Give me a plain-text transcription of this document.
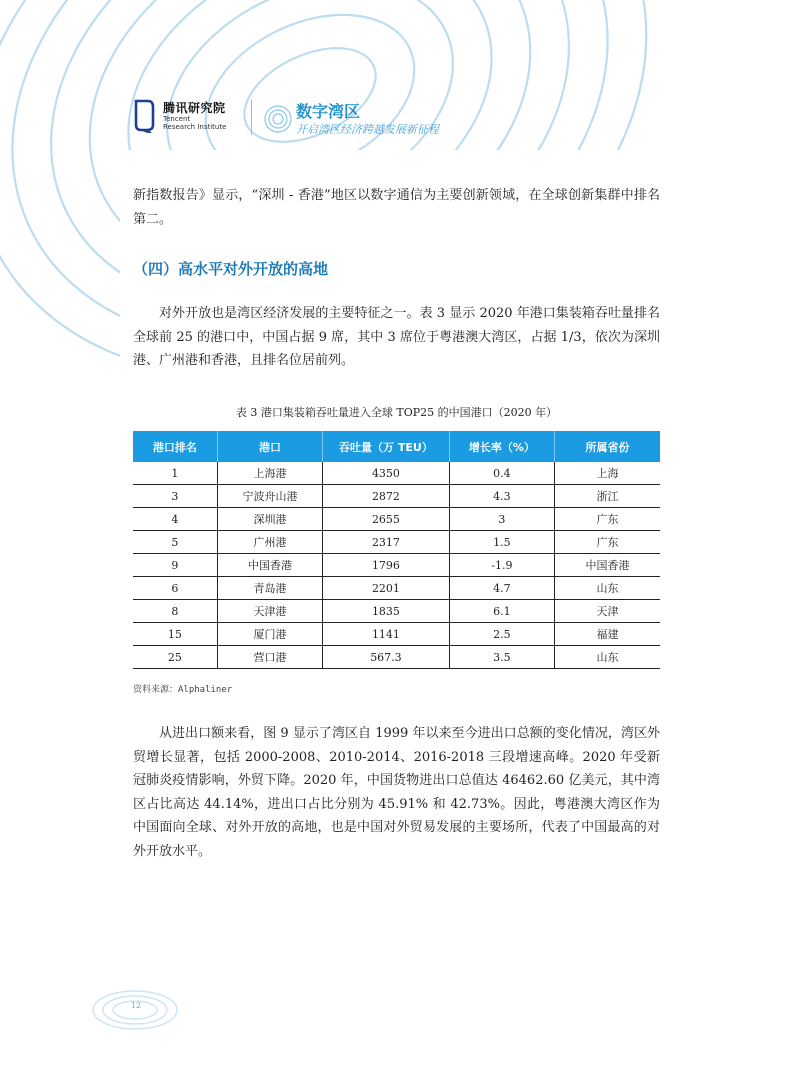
腾讯研究院
Tencent
Research Institute
数字湾区
开启湾区经济跨越发展新征程
新指数报告》显示，“深圳 - 香港”地区以数字通信为主要创新领域，在全球创新集群中排名第二。
（四）高水平对外开放的高地
对外开放也是湾区经济发展的主要特征之一。表 3 显示 2020 年港口集装箱吞吐量排名全球前 25 的港口中，中国占据 9 席，其中 3 席位于粤港澳大湾区，占据 1/3，依次为深圳港、广州港和香港，且排名位居前列。
表 3 港口集装箱吞吐量进入全球 TOP25 的中国港口（2020 年）
港口排名	港口	吞吐量（万 TEU）	增长率（%）	所属省份
1	上海港	4350	0.4	上海
3	宁波舟山港	2872	4.3	浙江
4	深圳港	2655	3	广东
5	广州港	2317	1.5	广东
9	中国香港	1796	-1.9	中国香港
6	青岛港	2201	4.7	山东
8	天津港	1835	6.1	天津
15	厦门港	1141	2.5	福建
25	营口港	567.3	3.5	山东
资料来源：Alphaliner
从进出口额来看，图 9 显示了湾区自 1999 年以来至今进出口总额的变化情况，湾区外贸增长显著，包括 2000-2008、2010-2014、2016-2018 三段增速高峰。2020 年受新冠肺炎疫情影响，外贸下降。2020 年，中国货物进出口总值达 46462.60 亿美元，其中湾区占比高达 44.14%，进出口占比分别为 45.91% 和 42.73%。因此，粤港澳大湾区作为中国面向全球、对外开放的高地，也是中国对外贸易发展的主要场所，代表了中国最高的对外开放水平。
12
